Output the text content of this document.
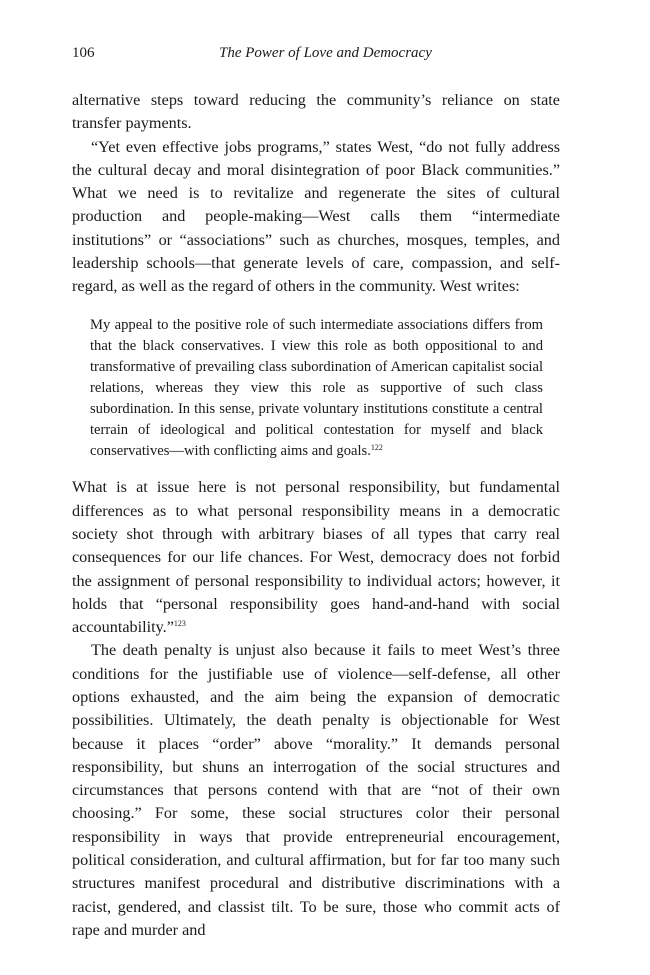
106	The Power of Love and Democracy

alternative steps toward reducing the community’s reliance on state transfer payments.

“Yet even effective jobs programs,” states West, “do not fully address the cultural decay and moral disintegration of poor Black communities.” What we need is to revitalize and regenerate the sites of cultural production and people-making—West calls them “intermediate institutions” or “associations” such as churches, mosques, temples, and leadership schools—that generate levels of care, compassion, and self-regard, as well as the regard of others in the community. West writes:

My appeal to the positive role of such intermediate associations differs from that the black conservatives. I view this role as both oppositional to and transformative of prevailing class subordination of American capitalist social relations, whereas they view this role as supportive of such class subordination. In this sense, private voluntary institutions constitute a central terrain of ideological and political contestation for myself and black conservatives—with conflicting aims and goals.$^{122}$

What is at issue here is not personal responsibility, but fundamental differences as to what personal responsibility means in a democratic society shot through with arbitrary biases of all types that carry real consequences for our life chances. For West, democracy does not forbid the assignment of personal responsibility to individual actors; however, it holds that “personal responsibility goes hand-and-hand with social accountability.”$^{123}$

The death penalty is unjust also because it fails to meet West’s three conditions for the justifiable use of violence—self-defense, all other options exhausted, and the aim being the expansion of democratic possibilities. Ultimately, the death penalty is objectionable for West because it places “order” above “morality.” It demands personal responsibility, but shuns an interrogation of the social structures and circumstances that persons contend with that are “not of their own choosing.” For some, these social structures color their personal responsibility in ways that provide entrepreneurial encouragement, political consideration, and cultural affirmation, but for far too many such structures manifest procedural and distributive discriminations with a racist, gendered, and classist tilt. To be sure, those who commit acts of rape and murder and
